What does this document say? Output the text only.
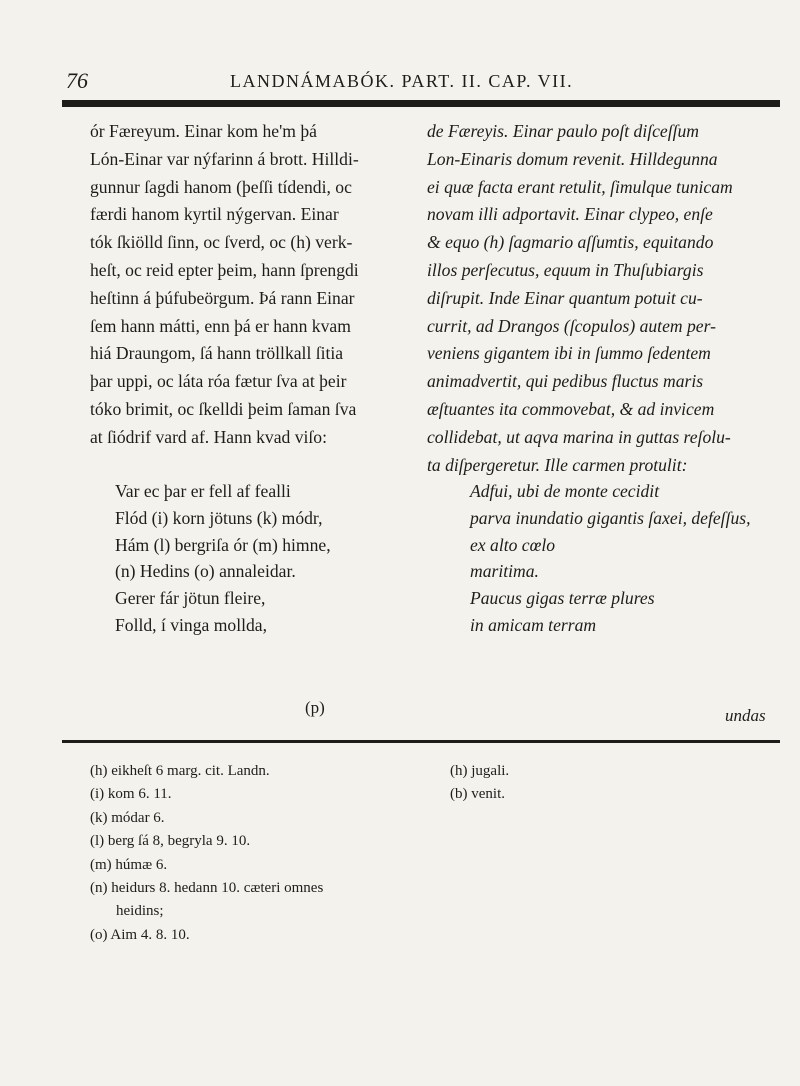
76	LANDNÁMABÓK. PART. II. CAP. VII.
ór Færeyum. Einar kom he'm þá
Lón-Einar var nýfarinn á brott. Hilldi-
gunnur ſagdi hanom (þeſſi tídendi, oc
færdi hanom kyrtil nýgervan. Einar
tók ſkiölld ſinn, oc ſverd, oc (h) verk-
heſt, oc reid epter þeim, hann ſprengdi
heſtinn á þúfubeörgum. Þá rann Einar
ſem hann mátti, enn þá er hann kvam
hiá Draungom, ſá hann tröllkall ſitia
þar uppi, oc láta róa fætur ſva at þeir
tóko brimit, oc ſkelldi þeim ſaman ſva
at ſiódrif vard af. Hann kvad viſo:
de Færeyis. Einar paulo poſt diſceſſum
Lon-Einaris domum revenit. Hilldegunna
ei quæ facta erant retulit, ſimulque tunicam
novam illi adportavit. Einar clypeo, enſe
& equo (h) ſagmario aſſumtis, equitando
illos perſecutus, equum in Thuſubiargis
diſrupit. Inde Einar quantum potuit cu-
currit, ad Drangos (ſcopulos) autem per-
veniens gigantem ibi in ſummo ſedentem
animadvertit, qui pedibus fluctus maris
æſtuantes ita commovebat, & ad invicem
collidebat, ut aqva marina in guttas reſolu-
ta diſpergeretur. Ille carmen protulit:
Var ec þar er fell af fealli
Flód (i) korn jötuns (k) módr,
Hám (l) bergriſa ór (m) himne,
(n) Hedins (o) annaleidar.
Gerer fár jötun fleire,
Folld, í vinga mollda,
Adfui, ubi de monte cecidit
parva inundatio gigantis ſaxei, defeſſus,
ex alto cœlo
maritima.
Paucus gigas terræ plures
in amicam terram
(p)	undas
(h) eikheſt 6 marg. cit. Landn.
(i) kom 6. 11.
(k) módar 6.
(l) berg ſá 8, begryla 9. 10.
(m) húmæ 6.
(n) heidurs 8. hedann 10. cæteri omnes
heidins;
(o) Aim 4. 8. 10.
(h) jugali.
(b) venit.
